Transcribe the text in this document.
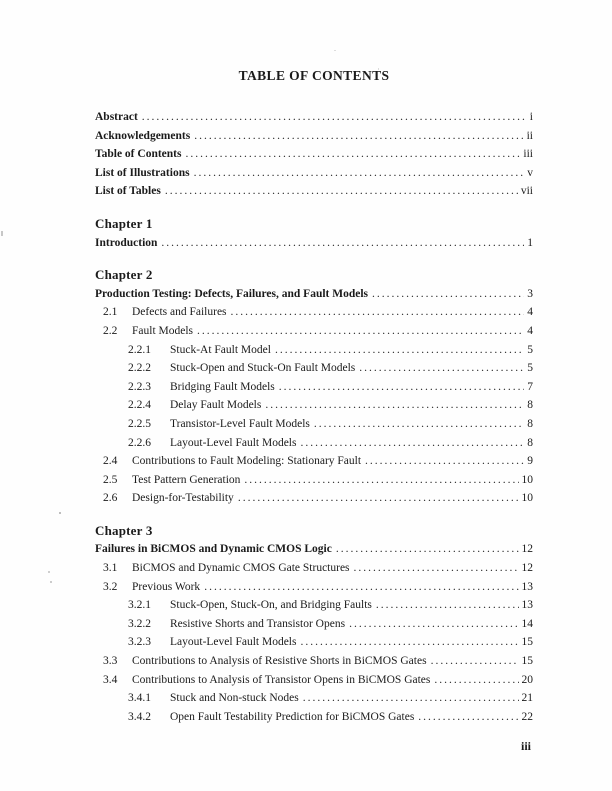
TABLE OF CONTENTS
Abstract .....	i
Acknowledgements .....	ii
Table of Contents .....	iii
List of Illustrations .....	v
List of Tables .....	vii
Chapter 1
Introduction .....	1
Chapter 2
Production Testing: Defects, Failures, and Fault Models .....	3
2.1	Defects and Failures .....	4
2.2	Fault Models .....	4
2.2.1	Stuck-At Fault Model .....	5
2.2.2	Stuck-Open and Stuck-On Fault Models .....	5
2.2.3	Bridging Fault Models .....	7
2.2.4	Delay Fault Models .....	8
2.2.5	Transistor-Level Fault Models .....	8
2.2.6	Layout-Level Fault Models .....	8
2.4	Contributions to Fault Modeling: Stationary Fault .....	9
2.5	Test Pattern Generation .....	10
2.6	Design-for-Testability .....	10
Chapter 3
Failures in BiCMOS and Dynamic CMOS Logic .....	12
3.1	BiCMOS and Dynamic CMOS Gate Structures .....	12
3.2	Previous Work .....	13
3.2.1	Stuck-Open, Stuck-On, and Bridging Faults .....	13
3.2.2	Resistive Shorts and Transistor Opens .....	14
3.2.3	Layout-Level Fault Models .....	15
3.3	Contributions to Analysis of Resistive Shorts in BiCMOS Gates .....	15
3.4	Contributions to Analysis of Transistor Opens in BiCMOS Gates .....	20
3.4.1	Stuck and Non-stuck Nodes .....	21
3.4.2	Open Fault Testability Prediction for BiCMOS Gates .....	22
iii
